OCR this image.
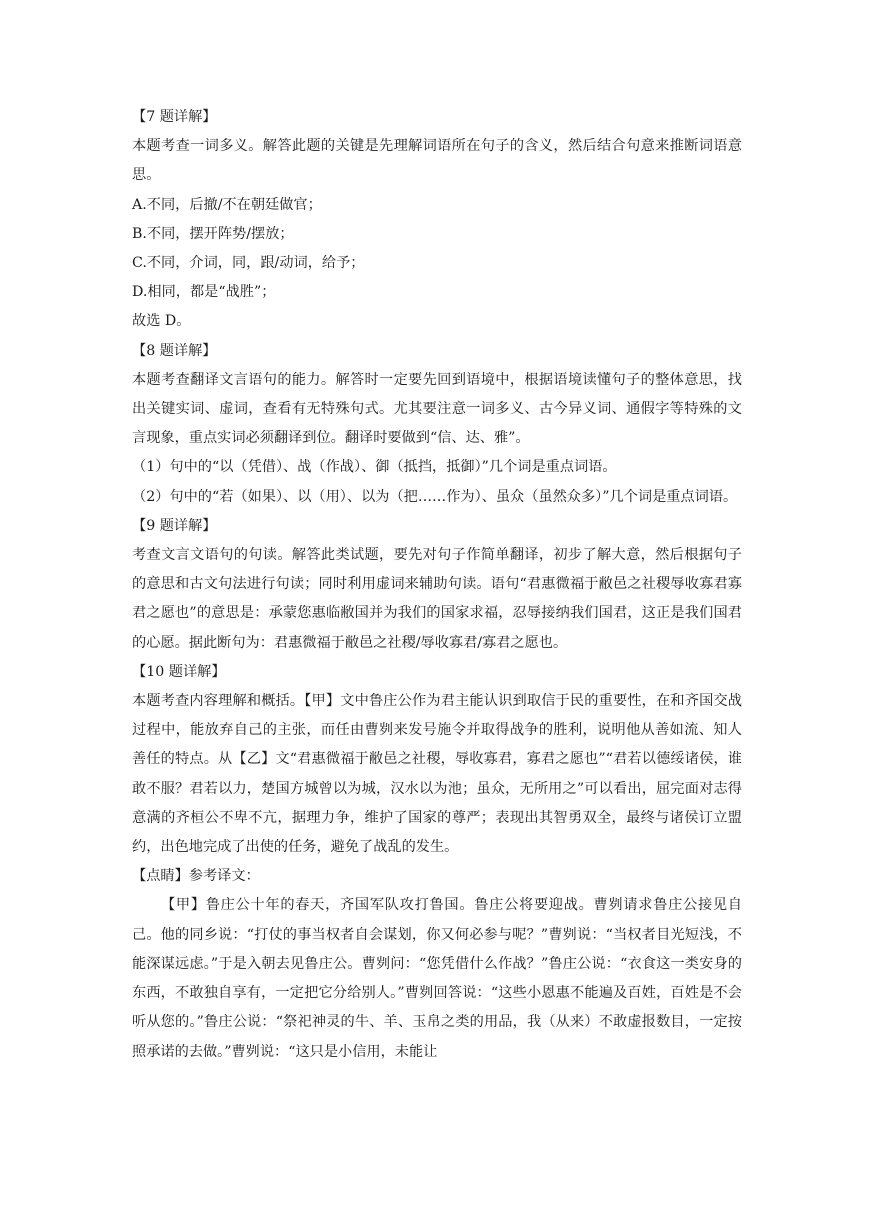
【7 题详解】

本题考查一词多义。解答此题的关键是先理解词语所在句子的含义，然后结合句意来推断词语意思。

A.不同，后撤/不在朝廷做官；

B.不同，摆开阵势/摆放；

C.不同，介词，同，跟/动词，给予；

D.相同，都是“战胜”；

故选 D。

【8 题详解】

本题考查翻译文言语句的能力。解答时一定要先回到语境中，根据语境读懂句子的整体意思，找出关键实词、虚词，查看有无特殊句式。尤其要注意一词多义、古今异义词、通假字等特殊的文言现象，重点实词必须翻译到位。翻译时要做到“信、达、雅”。

（1）句中的“以（凭借）、战（作战）、御（抵挡，抵御）”几个词是重点词语。

（2）句中的“若（如果）、以（用）、以为（把……作为）、虽众（虽然众多）”几个词是重点词语。

【9 题详解】

考查文言文语句的句读。解答此类试题，要先对句子作简单翻译，初步了解大意，然后根据句子的意思和古文句法进行句读；同时利用虚词来辅助句读。语句“君惠微福于敝邑之社稷辱收寡君寡君之愿也”的意思是：承蒙您惠临敝国并为我们的国家求福，忍辱接纳我们国君，这正是我们国君的心愿。据此断句为：君惠微福于敝邑之社稷/辱收寡君/寡君之愿也。

【10 题详解】

本题考查内容理解和概括。【甲】文中鲁庄公作为君主能认识到取信于民的重要性，在和齐国交战过程中，能放弃自己的主张，而任由曹刿来发号施令并取得战争的胜利，说明他从善如流、知人善任的特点。从【乙】文“君惠微福于敝邑之社稷，辱收寡君，寡君之愿也”“君若以德绥诸侯，谁敢不服？君若以力，楚国方城曾以为城，汉水以为池；虽众，无所用之”可以看出，屈完面对志得意满的齐桓公不卑不亢，据理力争，维护了国家的尊严；表现出其智勇双全，最终与诸侯订立盟约，出色地完成了出使的任务，避免了战乱的发生。

【点睛】参考译文：

【甲】鲁庄公十年的春天，齐国军队攻打鲁国。鲁庄公将要迎战。曹刿请求鲁庄公接见自己。他的同乡说：“打仗的事当权者自会谋划，你又何必参与呢？”曹刿说：“当权者目光短浅，不能深谋远虑。”于是入朝去见鲁庄公。曹刿问：“您凭借什么作战？”鲁庄公说：“衣食这一类安身的东西，不敢独自享有，一定把它分给别人。”曹刿回答说：“这些小恩惠不能遍及百姓，百姓是不会听从您的。”鲁庄公说：“祭祀神灵的牛、羊、玉帛之类的用品，我（从来）不敢虚报数目，一定按照承诺的去做。”曹刿说：“这只是小信用，未能让
